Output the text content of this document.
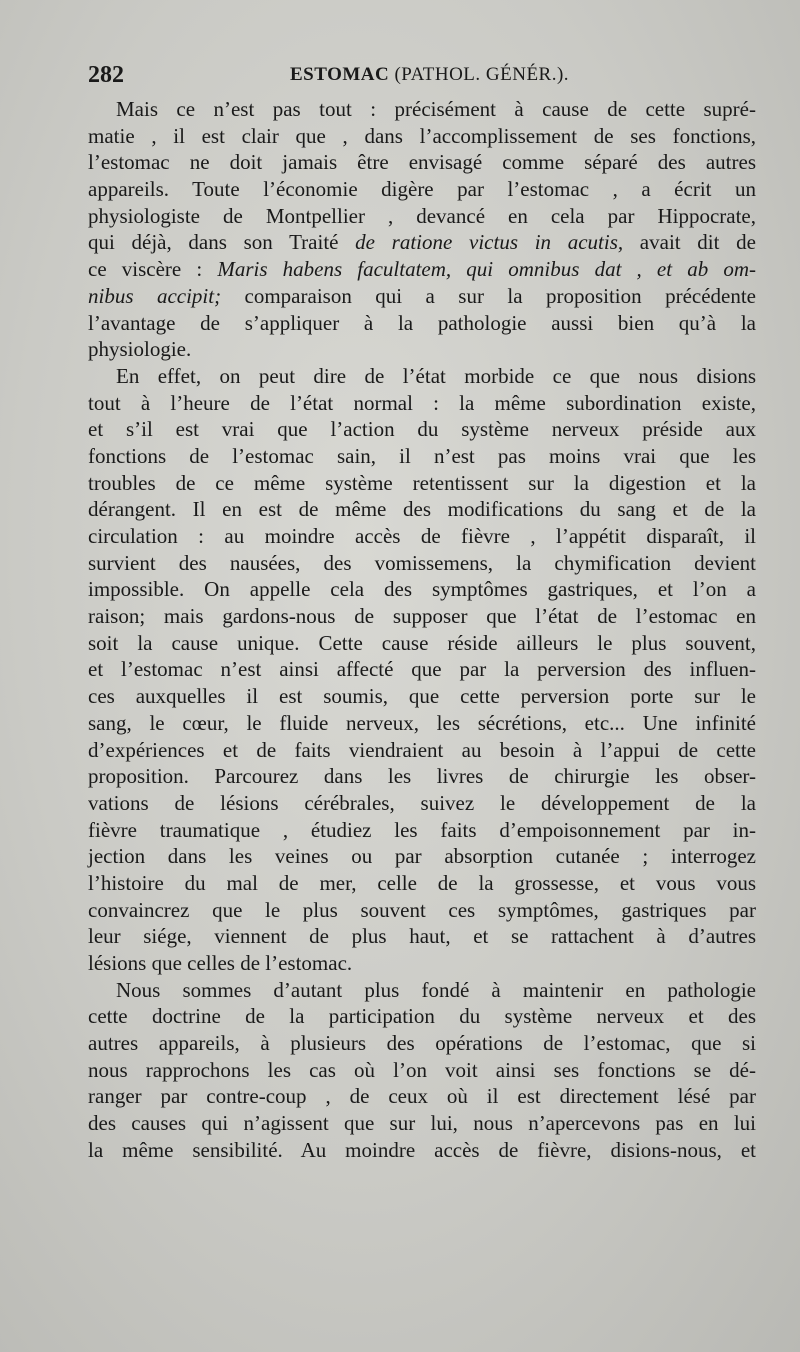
282	ESTOMAC (PATHOL. GÉNÉR.).
Mais ce n’est pas tout : précisément à cause de cette supré-
matie , il est clair que , dans l’accomplissement de ses fonctions,
l’estomac ne doit jamais être envisagé comme séparé des autres
appareils. Toute l’économie digère par l’estomac , a écrit un
physiologiste de Montpellier , devancé en cela par Hippocrate,
qui déjà, dans son Traité de ratione victus in acutis, avait dit de
ce viscère : Maris habens facultatem, qui omnibus dat , et ab om-
nibus accipit; comparaison qui a sur la proposition précédente
l’avantage de s’appliquer à la pathologie aussi bien qu’à la
physiologie.
En effet, on peut dire de l’état morbide ce que nous disions
tout à l’heure de l’état normal : la même subordination existe,
et s’il est vrai que l’action du système nerveux préside aux
fonctions de l’estomac sain, il n’est pas moins vrai que les
troubles de ce même système retentissent sur la digestion et la
dérangent. Il en est de même des modifications du sang et de la
circulation : au moindre accès de fièvre , l’appétit disparaît, il
survient des nausées, des vomissemens, la chymification devient
impossible. On appelle cela des symptômes gastriques, et l’on a
raison; mais gardons-nous de supposer que l’état de l’estomac en
soit la cause unique. Cette cause réside ailleurs le plus souvent,
et l’estomac n’est ainsi affecté que par la perversion des influen-
ces auxquelles il est soumis, que cette perversion porte sur le
sang, le cœur, le fluide nerveux, les sécrétions, etc... Une infinité
d’expériences et de faits viendraient au besoin à l’appui de cette
proposition. Parcourez dans les livres de chirurgie les obser-
vations de lésions cérébrales, suivez le développement de la
fièvre traumatique , étudiez les faits d’empoisonnement par in-
jection dans les veines ou par absorption cutanée ; interrogez
l’histoire du mal de mer, celle de la grossesse, et vous vous
convaincrez que le plus souvent ces symptômes, gastriques par
leur siége, viennent de plus haut, et se rattachent à d’autres
lésions que celles de l’estomac.
Nous sommes d’autant plus fondé à maintenir en pathologie
cette doctrine de la participation du système nerveux et des
autres appareils, à plusieurs des opérations de l’estomac, que si
nous rapprochons les cas où l’on voit ainsi ses fonctions se dé-
ranger par contre-coup , de ceux où il est directement lésé par
des causes qui n’agissent que sur lui, nous n’apercevons pas en lui
la même sensibilité. Au moindre accès de fièvre, disions-nous, et
